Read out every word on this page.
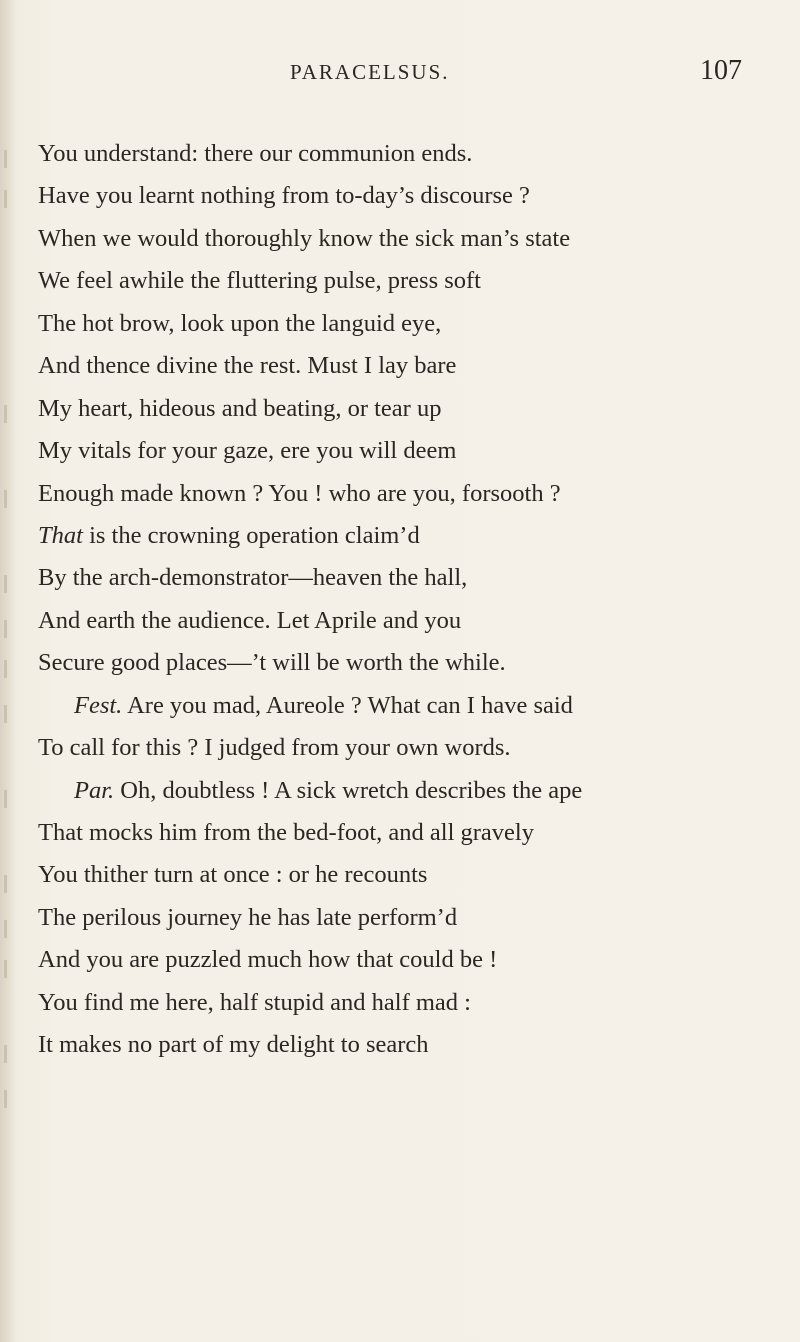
PARACELSUS.	107
You understand: there our communion ends.
Have you learnt nothing from to-day’s discourse ?
When we would thoroughly know the sick man’s state
We feel awhile the fluttering pulse, press soft
The hot brow, look upon the languid eye,
And thence divine the rest. Must I lay bare
My heart, hideous and beating, or tear up
My vitals for your gaze, ere you will deem
Enough made known ? You ! who are you, forsooth ?
That is the crowning operation claim’d
By the arch-demonstrator—heaven the hall,
And earth the audience. Let Aprile and you
Secure good places—’t will be worth the while.
Fest. Are you mad, Aureole ? What can I have said
To call for this ? I judged from your own words.
Par. Oh, doubtless ! A sick wretch describes the ape
That mocks him from the bed-foot, and all gravely
You thither turn at once : or he recounts
The perilous journey he has late perform’d
And you are puzzled much how that could be !
You find me here, half stupid and half mad :
It makes no part of my delight to search
